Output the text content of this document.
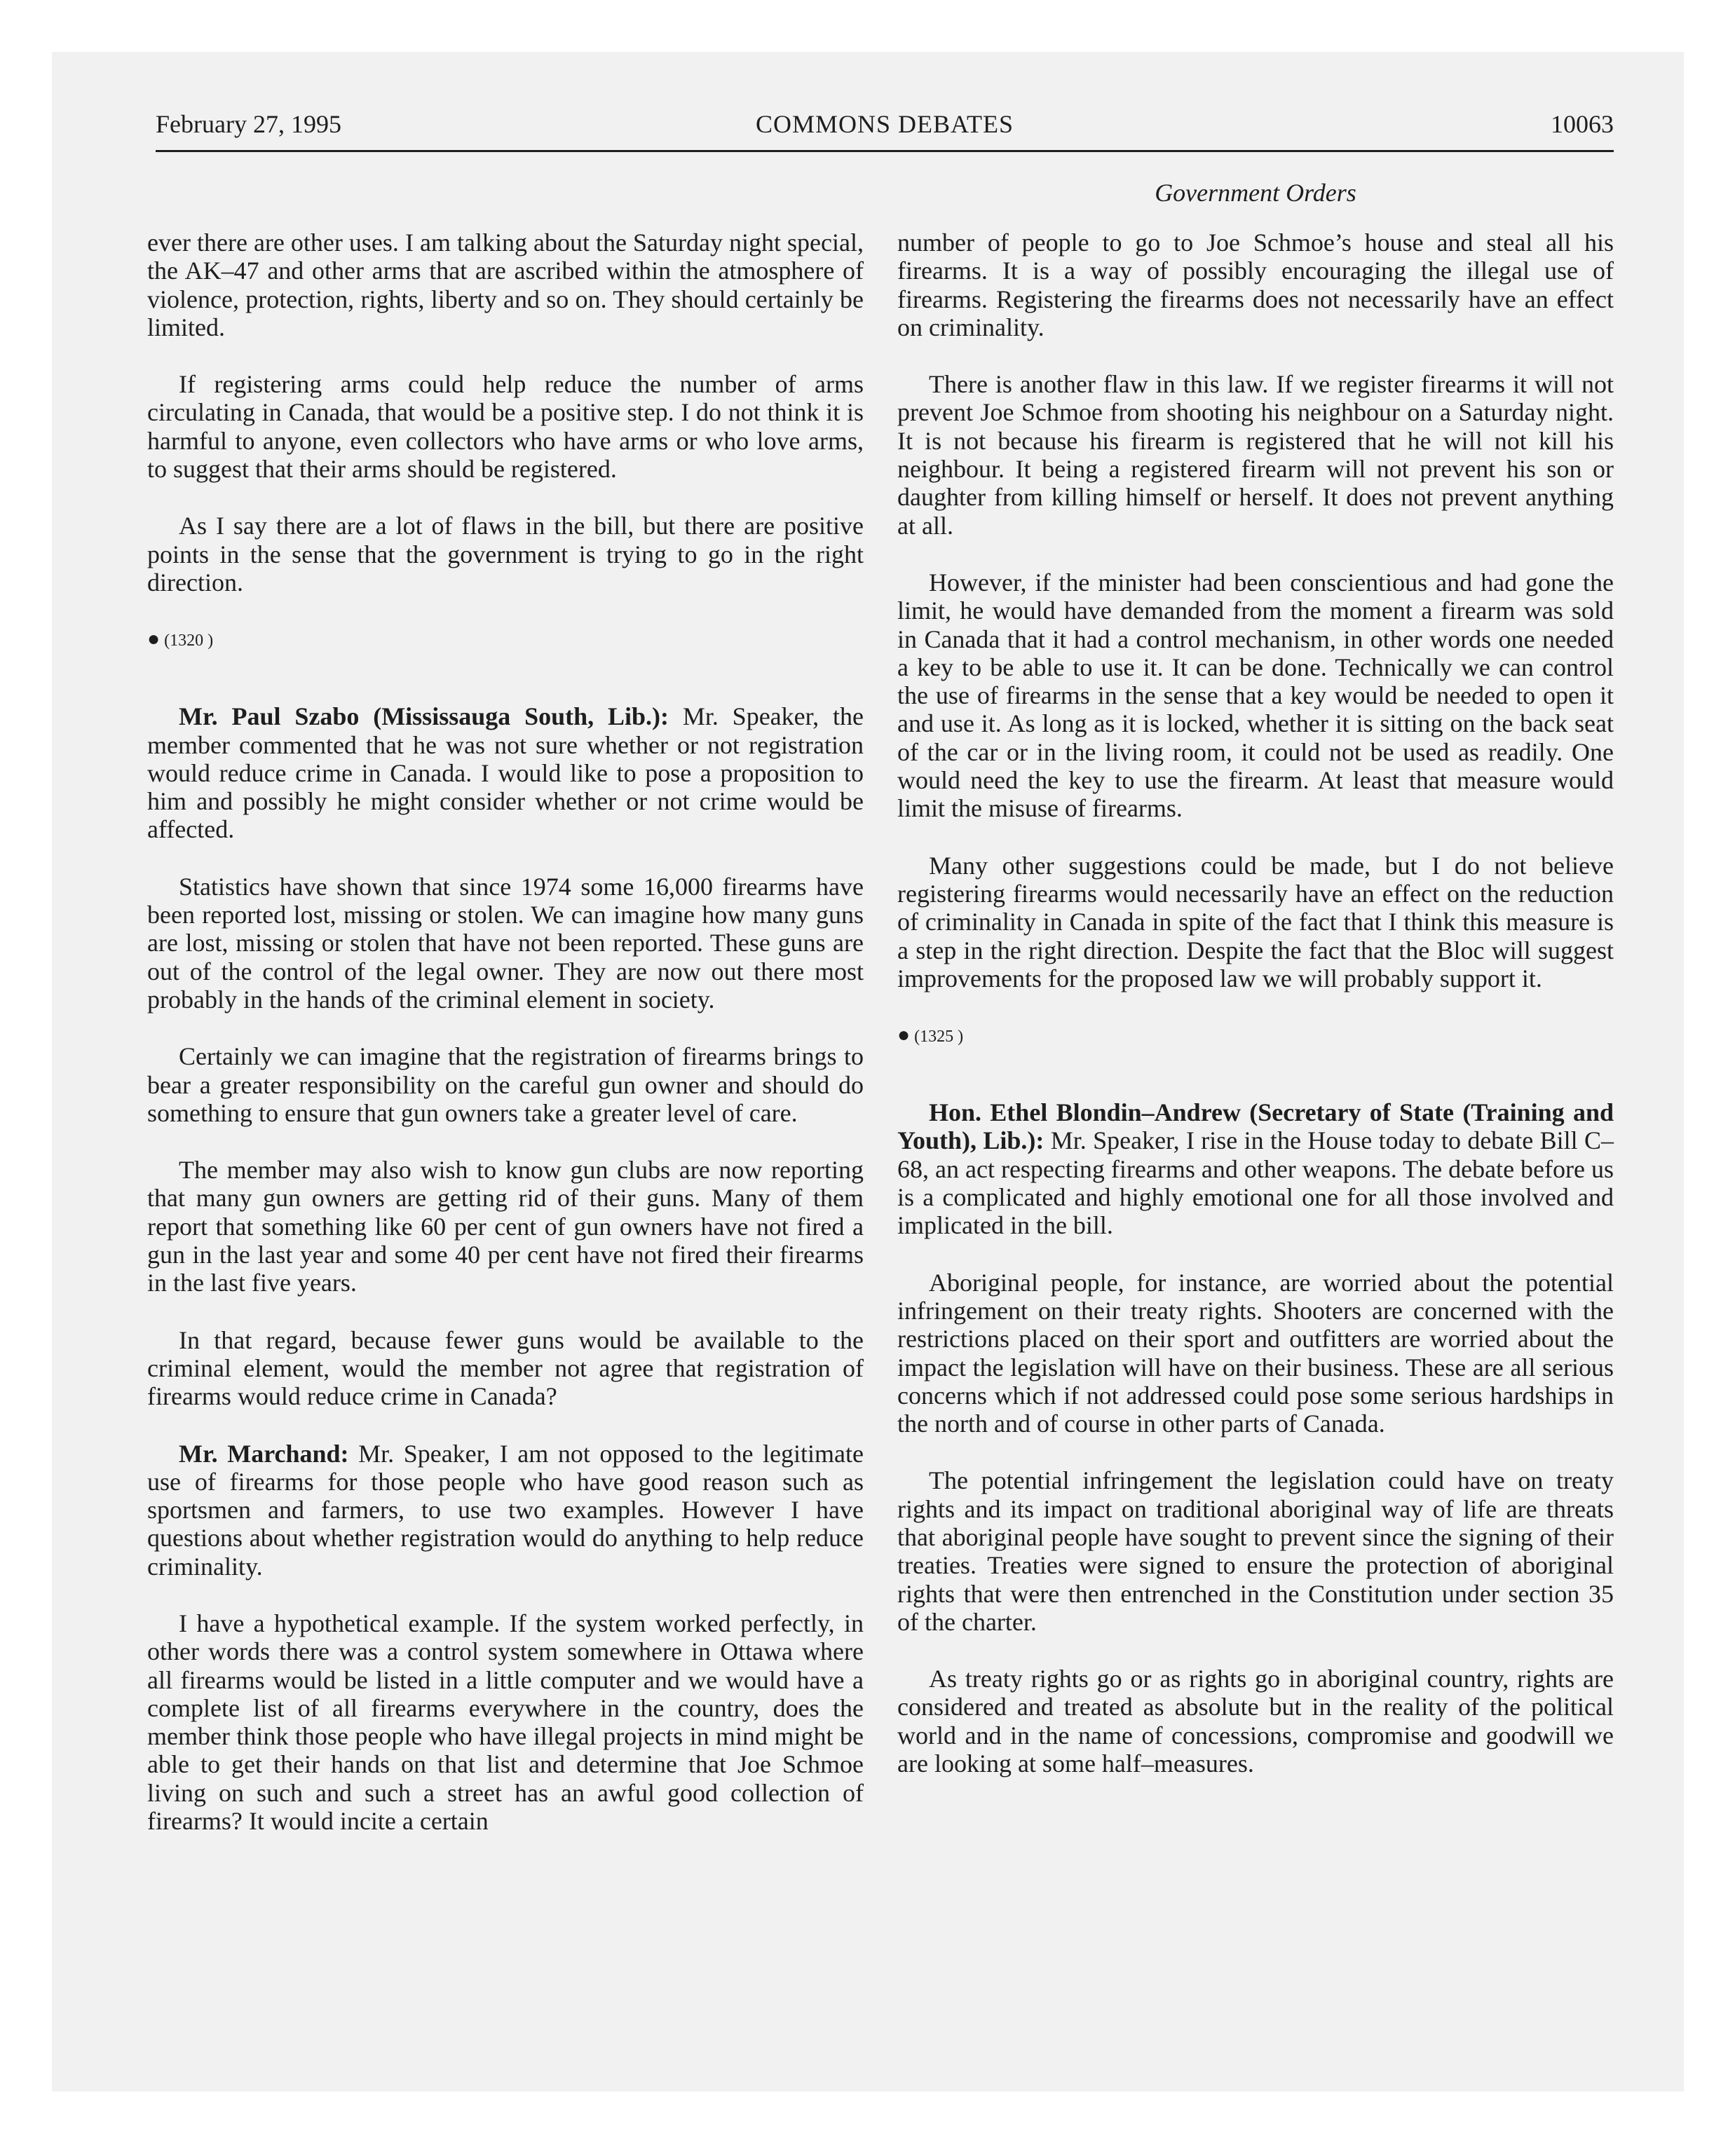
February 27, 1995	COMMONS DEBATES	10063
Government Orders

ever there are other uses. I am talking about the Saturday night special, the AK–47 and other arms that are ascribed within the atmosphere of violence, protection, rights, liberty and so on. They should certainly be limited.

If registering arms could help reduce the number of arms circulating in Canada, that would be a positive step. I do not think it is harmful to anyone, even collectors who have arms or who love arms, to suggest that their arms should be registered.

As I say there are a lot of flaws in the bill, but there are positive points in the sense that the government is trying to go in the right direction.

● (1320 )

Mr. Paul Szabo (Mississauga South, Lib.): Mr. Speaker, the member commented that he was not sure whether or not registration would reduce crime in Canada. I would like to pose a proposition to him and possibly he might consider whether or not crime would be affected.

Statistics have shown that since 1974 some 16,000 firearms have been reported lost, missing or stolen. We can imagine how many guns are lost, missing or stolen that have not been reported. These guns are out of the control of the legal owner. They are now out there most probably in the hands of the criminal element in society.

Certainly we can imagine that the registration of firearms brings to bear a greater responsibility on the careful gun owner and should do something to ensure that gun owners take a greater level of care.

The member may also wish to know gun clubs are now reporting that many gun owners are getting rid of their guns. Many of them report that something like 60 per cent of gun owners have not fired a gun in the last year and some 40 per cent have not fired their firearms in the last five years.

In that regard, because fewer guns would be available to the criminal element, would the member not agree that registration of firearms would reduce crime in Canada?

Mr. Marchand: Mr. Speaker, I am not opposed to the legitimate use of firearms for those people who have good reason such as sportsmen and farmers, to use two examples. However I have questions about whether registration would do anything to help reduce criminality.

I have a hypothetical example. If the system worked perfectly, in other words there was a control system somewhere in Ottawa where all firearms would be listed in a little computer and we would have a complete list of all firearms everywhere in the country, does the member think those people who have illegal projects in mind might be able to get their hands on that list and determine that Joe Schmoe living on such and such a street has an awful good collection of firearms? It would incite a certain

number of people to go to Joe Schmoe’s house and steal all his firearms. It is a way of possibly encouraging the illegal use of firearms. Registering the firearms does not necessarily have an effect on criminality.

There is another flaw in this law. If we register firearms it will not prevent Joe Schmoe from shooting his neighbour on a Saturday night. It is not because his firearm is registered that he will not kill his neighbour. It being a registered firearm will not prevent his son or daughter from killing himself or herself. It does not prevent anything at all.

However, if the minister had been conscientious and had gone the limit, he would have demanded from the moment a firearm was sold in Canada that it had a control mechanism, in other words one needed a key to be able to use it. It can be done. Technically we can control the use of firearms in the sense that a key would be needed to open it and use it. As long as it is locked, whether it is sitting on the back seat of the car or in the living room, it could not be used as readily. One would need the key to use the firearm. At least that measure would limit the misuse of firearms.

Many other suggestions could be made, but I do not believe registering firearms would necessarily have an effect on the reduction of criminality in Canada in spite of the fact that I think this measure is a step in the right direction. Despite the fact that the Bloc will suggest improvements for the proposed law we will probably support it.

● (1325 )

Hon. Ethel Blondin–Andrew (Secretary of State (Training and Youth), Lib.): Mr. Speaker, I rise in the House today to debate Bill C–68, an act respecting firearms and other weapons. The debate before us is a complicated and highly emotional one for all those involved and implicated in the bill.

Aboriginal people, for instance, are worried about the potential infringement on their treaty rights. Shooters are concerned with the restrictions placed on their sport and outfitters are worried about the impact the legislation will have on their business. These are all serious concerns which if not addressed could pose some serious hardships in the north and of course in other parts of Canada.

The potential infringement the legislation could have on treaty rights and its impact on traditional aboriginal way of life are threats that aboriginal people have sought to prevent since the signing of their treaties. Treaties were signed to ensure the protection of aboriginal rights that were then entrenched in the Constitution under section 35 of the charter.

As treaty rights go or as rights go in aboriginal country, rights are considered and treated as absolute but in the reality of the political world and in the name of concessions, compromise and goodwill we are looking at some half–measures.
